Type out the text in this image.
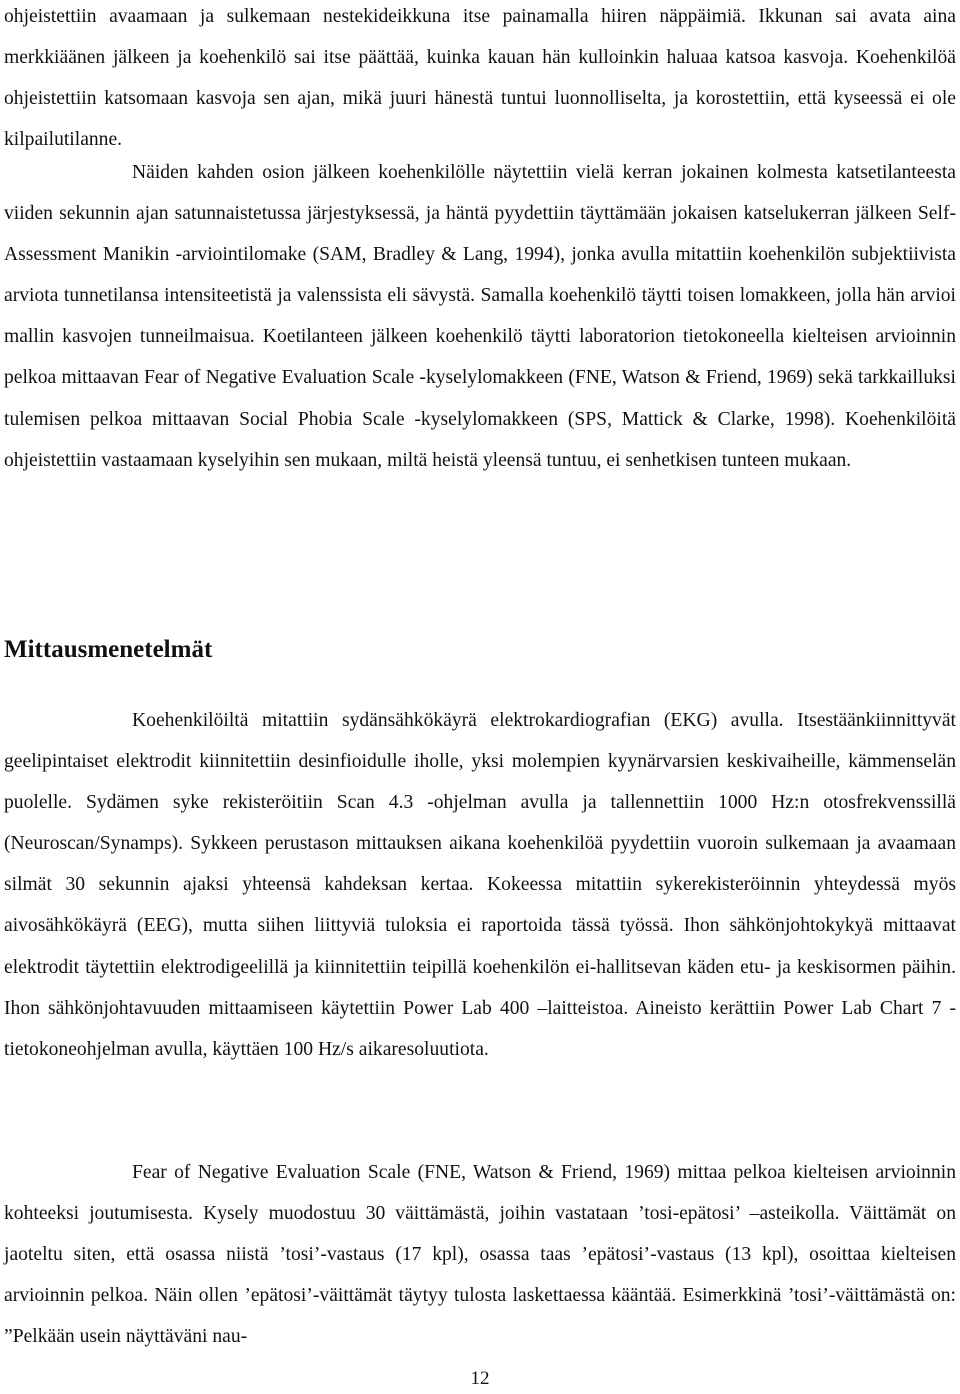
ohjeistettiin avaamaan ja sulkemaan nestekideikkuna itse painamalla hiiren näppäimiä. Ikkunan sai avata aina merkkiäänen jälkeen ja koehenkilö sai itse päättää, kuinka kauan hän kulloinkin haluaa katsoa kasvoja. Koehenkilöä ohjeistettiin katsomaan kasvoja sen ajan, mikä juuri hänestä tuntui luonnolliselta, ja korostettiin, että kyseessä ei ole kilpailutilanne.

Näiden kahden osion jälkeen koehenkilölle näytettiin vielä kerran jokainen kolmesta katsetilanteesta viiden sekunnin ajan satunnaistetussa järjestyksessä, ja häntä pyydettiin täyttämään jokaisen katselukerran jälkeen Self-Assessment Manikin -arviointilomake (SAM, Bradley & Lang, 1994), jonka avulla mitattiin koehenkilön subjektiivista arviota tunnetilansa intensiteetistä ja valenssista eli sävystä. Samalla koehenkilö täytti toisen lomakkeen, jolla hän arvioi mallin kasvojen tunneilmaisua. Koetilanteen jälkeen koehenkilö täytti laboratorion tietokoneella kielteisen arvioinnin pelkoa mittaavan Fear of Negative Evaluation Scale -kyselylomakkeen (FNE, Watson & Friend, 1969) sekä tarkkailluksi tulemisen pelkoa mittaavan Social Phobia Scale -kyselylomakkeen (SPS, Mattick & Clarke, 1998). Koehenkilöitä ohjeistettiin vastaamaan kyselyihin sen mukaan, miltä heistä yleensä tuntuu, ei senhetkisen tunteen mukaan.

Mittausmenetelmät

Koehenkilöiltä mitattiin sydänsähkökäyrä elektrokardiografian (EKG) avulla. Itsestäänkiinnittyvät geelipintaiset elektrodit kiinnitettiin desinfioidulle iholle, yksi molempien kyynärvarsien keskivaiheille, kämmenselän puolelle. Sydämen syke rekisteröitiin Scan 4.3 -ohjelman avulla ja tallennettiin 1000 Hz:n otosfrekvenssillä (Neuroscan/Synamps). Sykkeen perustason mittauksen aikana koehenkilöä pyydettiin vuoroin sulkemaan ja avaamaan silmät 30 sekunnin ajaksi yhteensä kahdeksan kertaa. Kokeessa mitattiin sykerekisteröinnin yhteydessä myös aivosähkökäyrä (EEG), mutta siihen liittyviä tuloksia ei raportoida tässä työssä. Ihon sähkönjohtokykyä mittaavat elektrodit täytettiin elektrodigeelillä ja kiinnitettiin teipillä koehenkilön ei-hallitsevan käden etu- ja keskisormen päihin. Ihon sähkönjohtavuuden mittaamiseen käytettiin Power Lab 400 –laitteistoa. Aineisto kerättiin Power Lab Chart 7 -tietokoneohjelman avulla, käyttäen 100 Hz/s aikaresoluutiota.

Fear of Negative Evaluation Scale (FNE, Watson & Friend, 1969) mittaa pelkoa kielteisen arvioinnin kohteeksi joutumisesta. Kysely muodostuu 30 väittämästä, joihin vastataan ’tosi-epätosi’ –asteikolla. Väittämät on jaoteltu siten, että osassa niistä ’tosi’-vastaus (17 kpl), osassa taas ’epätosi’-vastaus (13 kpl), osoittaa kielteisen arvioinnin pelkoa. Näin ollen ’epätosi’-väittämät täytyy tulosta laskettaessa kääntää. Esimerkkinä ’tosi’-väittämästä on: ”Pelkään usein näyttäväni nau-

12
